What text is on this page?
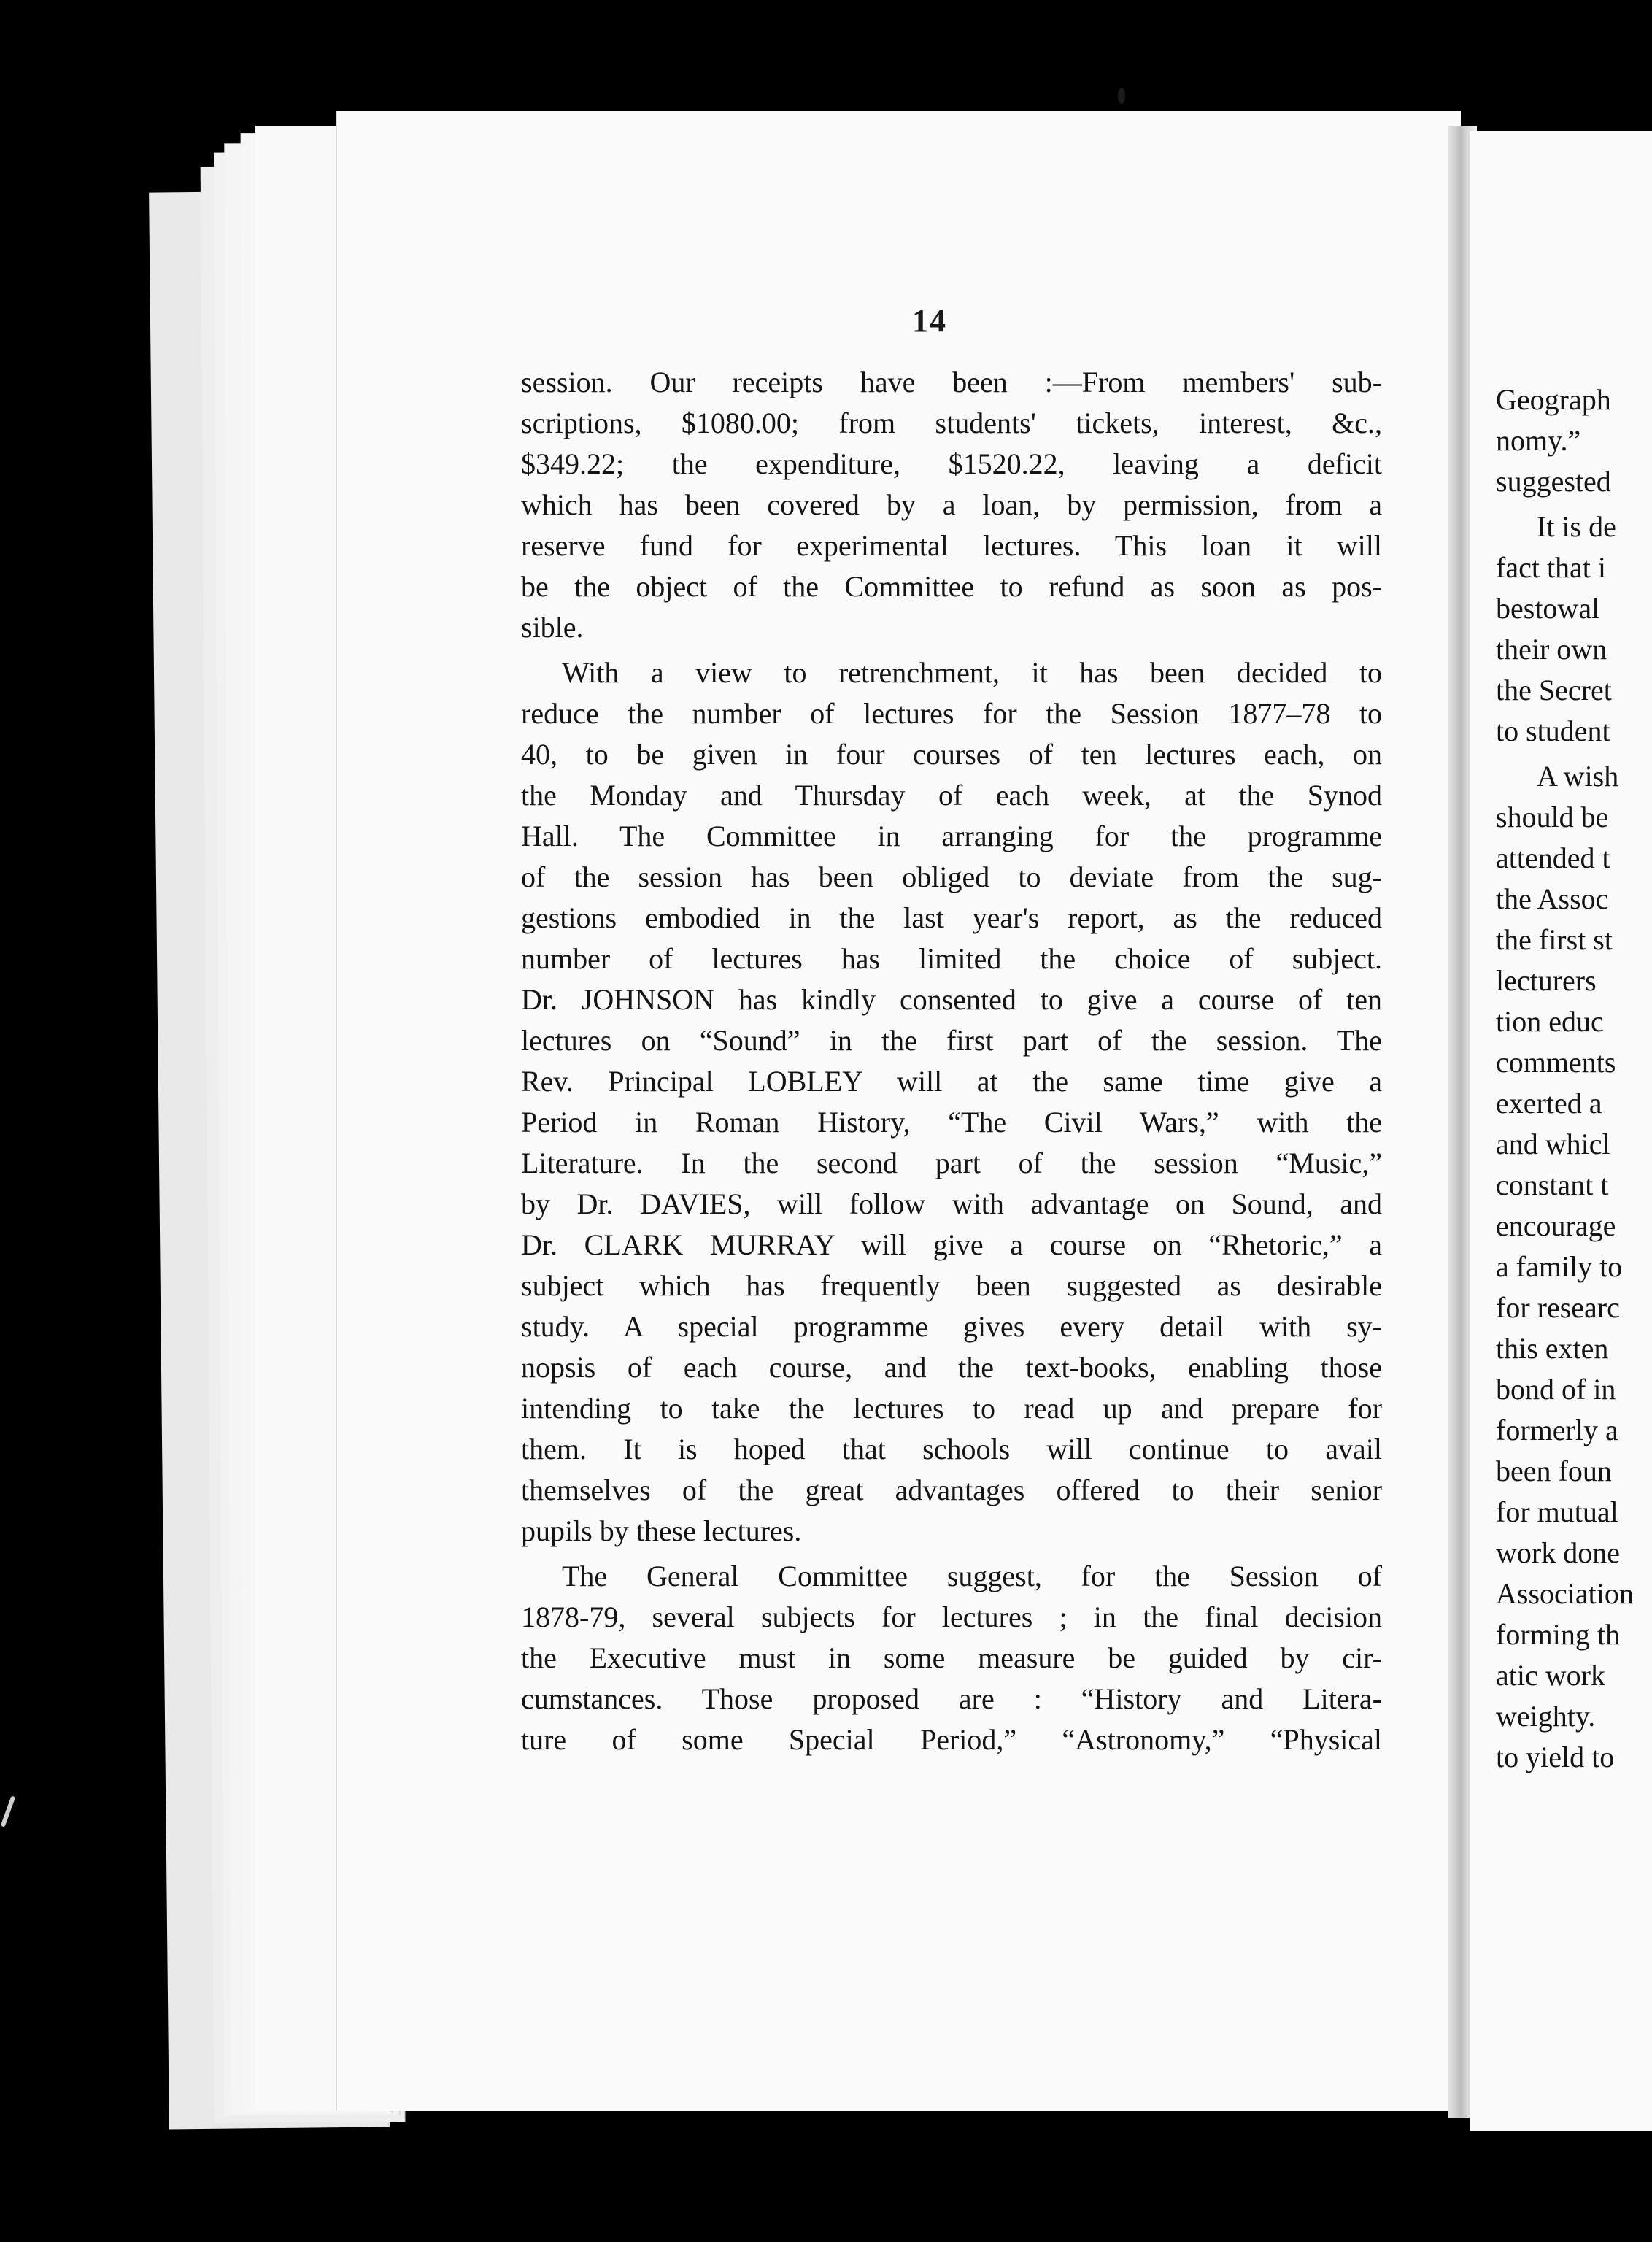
Geograph
nomy.”
suggested
It is de
fact that i
bestowal
their own
the Secret
to student
A wish
should be
attended t
the Assoc
the first st
lecturers
tion educ
comments
exerted a
and whicl
constant t
encourage
a family to
for researc
this exten
bond of in
formerly a
been foun
for mutual
work done
Association
forming th
atic work
weighty.
to yield to
14
session. Our receipts have been :—From members' sub-
scriptions, $1080.00; from students' tickets, interest, &c.,
$349.22; the expenditure, $1520.22, leaving a deficit
which has been covered by a loan, by permission, from a
reserve fund for experimental lectures. This loan it will
be the object of the Committee to refund as soon as pos-
sible.
With a view to retrenchment, it has been decided to
reduce the number of lectures for the Session 1877–78 to
40, to be given in four courses of ten lectures each, on
the Monday and Thursday of each week, at the Synod
Hall. The Committee in arranging for the programme
of the session has been obliged to deviate from the sug-
gestions embodied in the last year's report, as the reduced
number of lectures has limited the choice of subject.
Dr. JOHNSON has kindly consented to give a course of ten
lectures on “Sound” in the first part of the session. The
Rev. Principal LOBLEY will at the same time give a
Period in Roman History, “The Civil Wars,” with the
Literature. In the second part of the session “Music,”
by Dr. DAVIES, will follow with advantage on Sound, and
Dr. CLARK MURRAY will give a course on “Rhetoric,” a
subject which has frequently been suggested as desirable
study. A special programme gives every detail with sy-
nopsis of each course, and the text-books, enabling those
intending to take the lectures to read up and prepare for
them. It is hoped that schools will continue to avail
themselves of the great advantages offered to their senior
pupils by these lectures.
The General Committee suggest, for the Session of
1878-79, several subjects for lectures ; in the final decision
the Executive must in some measure be guided by cir-
cumstances. Those proposed are : “History and Litera-
ture of some Special Period,” “Astronomy,” “Physical
